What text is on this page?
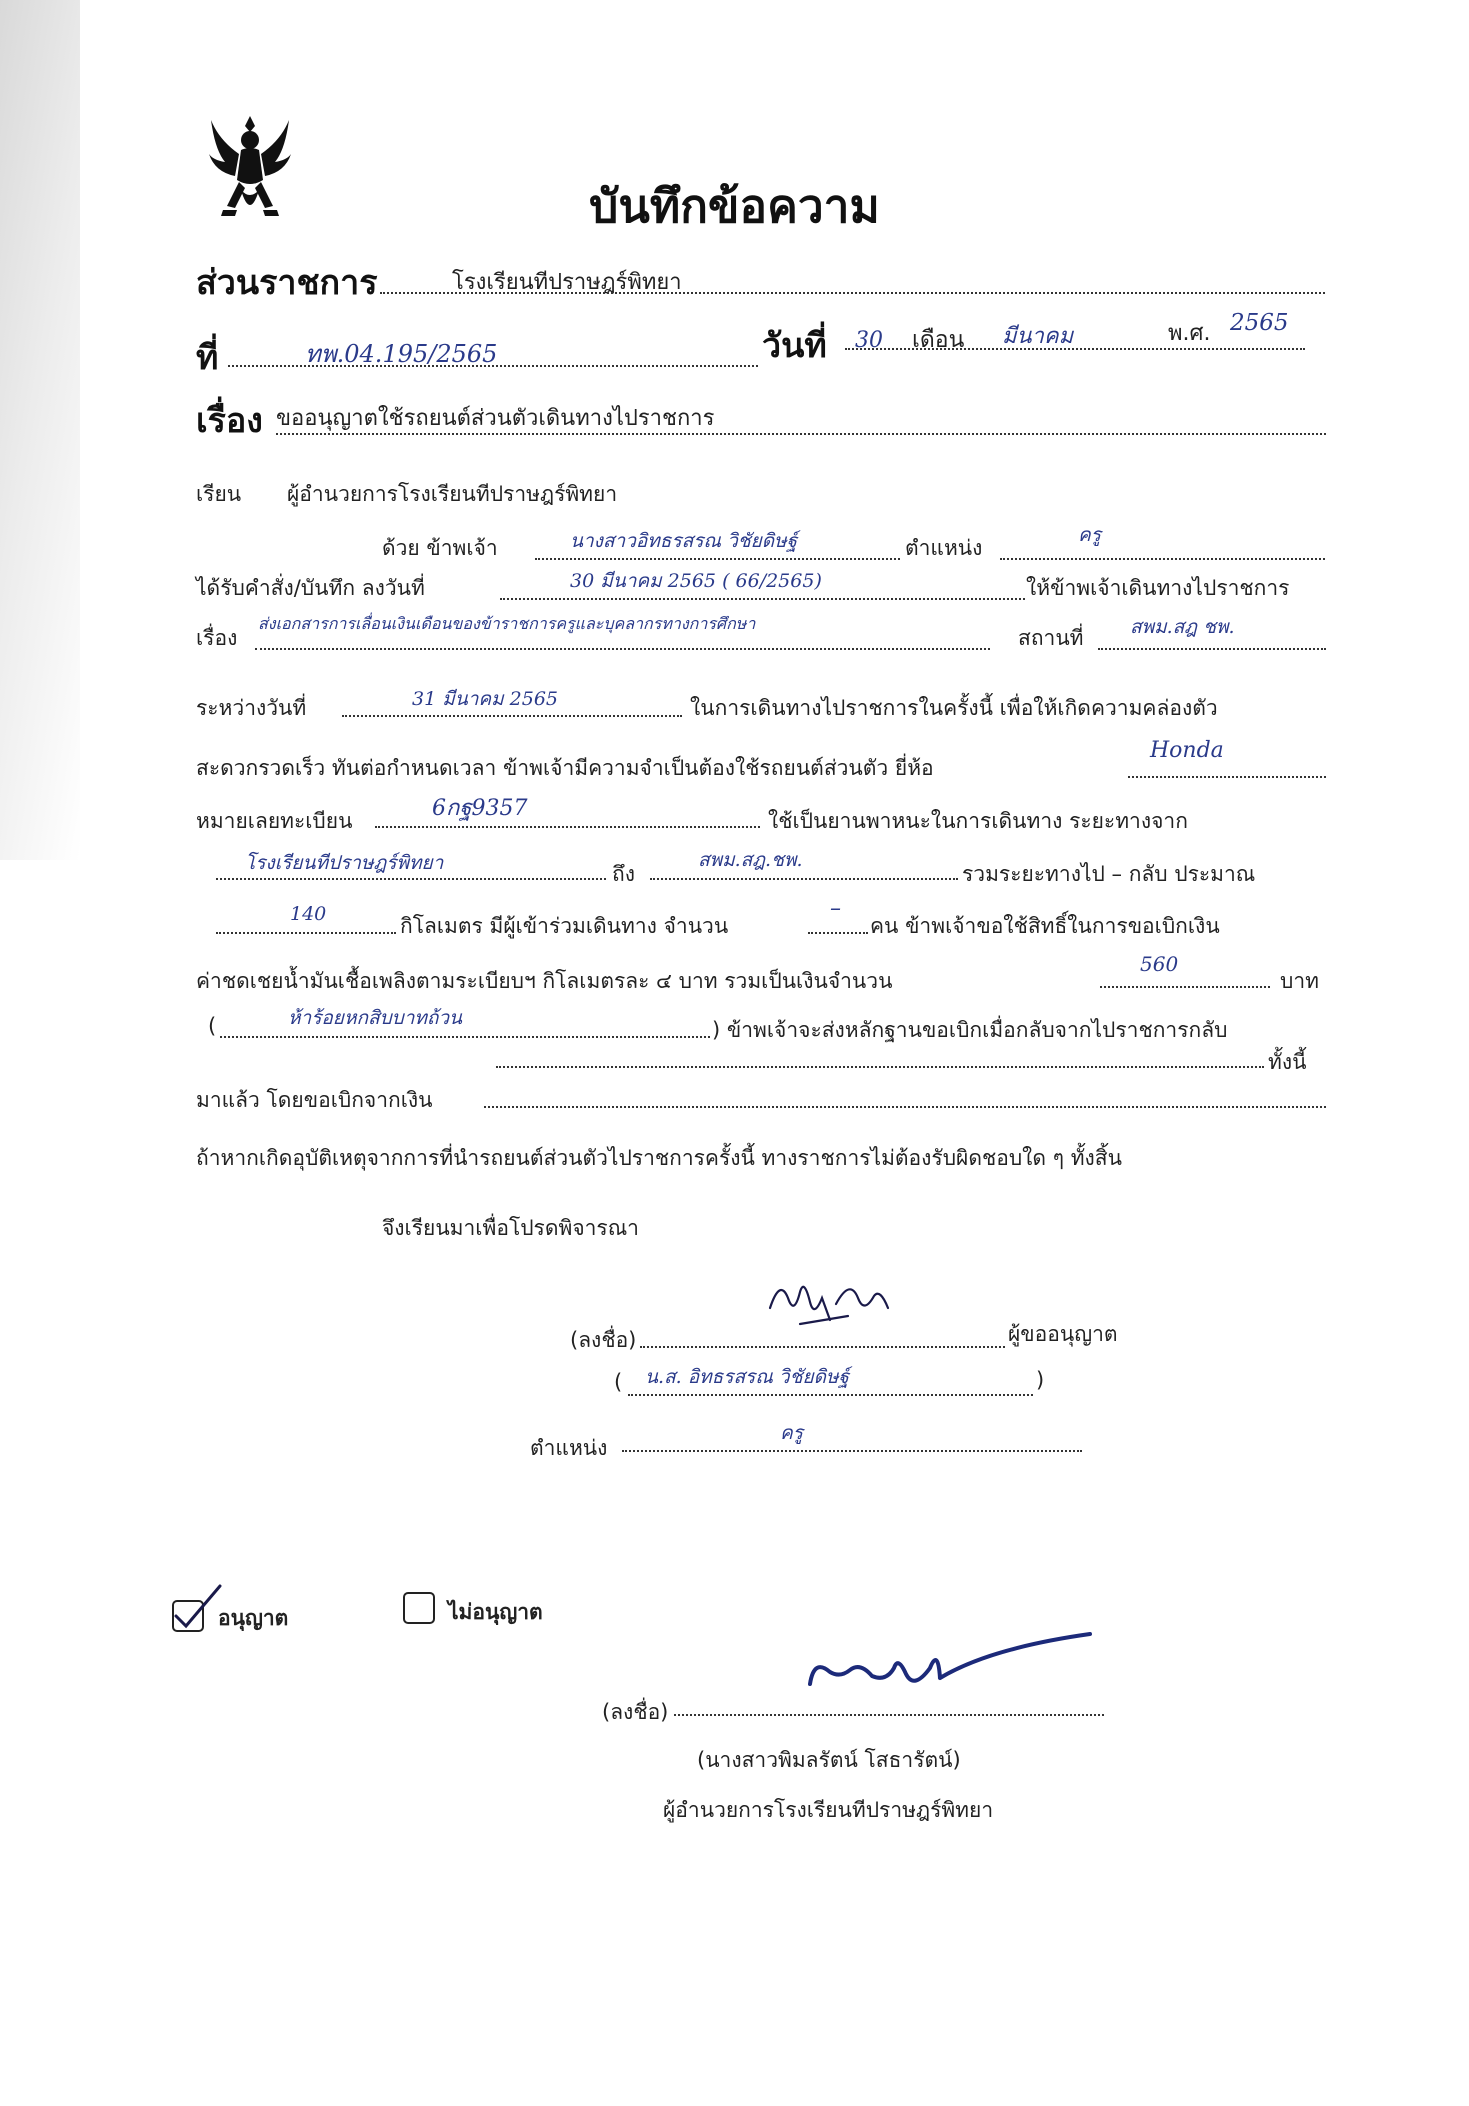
บันทึกข้อความ
ส่วนราชการ	โรงเรียนทีปราษฎร์พิทยา
ที่	ทพ.04.195/2565	วันที่ 30 เดือน มีนาคม	พ.ศ. 2565
เรื่อง ขออนุญาตใช้รถยนต์ส่วนตัวเดินทางไปราชการ
เรียน ผู้อำนวยการโรงเรียนทีปราษฎร์พิทยา
ด้วย ข้าพเจ้า	นางสาวอิทธรสรณ วิชัยดิษฐ์	ตำแหน่ง
ครู
ได้รับคำสั่ง/บันทึก ลงวันที่	30 มีนาคม 2565 ( 66/2565)	ให้ข้าพเจ้าเดินทางไปราชการ
เรื่อง
ส่งเอกสารการเลื่อนเงินเดือนของข้าราชการครูและบุคลากรทางการศึกษา
สถานที่ สพม.สฎ ชพ.
ระหว่างวันที่	31 มีนาคม 2565	ในการเดินทางไปราชการในครั้งนี้ เพื่อให้เกิดความคล่องตัว
สะดวกรวดเร็ว ทันต่อกำหนดเวลา ข้าพเจ้ามีความจำเป็นต้องใช้รถยนต์ส่วนตัว ยี่ห้อ
Honda
หมายเลยทะเบียน	6กฐ9357	ใช้เป็นยานพาหนะในการเดินทาง ระยะทางจาก
โรงเรียนทีปราษฎร์พิทยา	ถึง
สพม.สฎ.ชพ.
รวมระยะทางไป – กลับ ประมาณ
140	กิโลเมตร มีผู้เข้าร่วมเดินทาง จำนวน
–
คน ข้าพเจ้าขอใช้สิทธิ์ในการขอเบิกเงิน
ค่าชดเชยน้ำมันเชื้อเพลิงตามระเบียบฯ กิโลเมตรละ ๔ บาท รวมเป็นเงินจำนวน
560
บาท
(	ห้าร้อยหกสิบบาทถ้วน	) ข้าพเจ้าจะส่งหลักฐานขอเบิกเมื่อกลับจากไปราชการกลับ
ทั้งนี้
มาแล้ว โดยขอเบิกจากเงิน
ถ้าหากเกิดอุบัติเหตุจากการที่นำรถยนต์ส่วนตัวไปราชการครั้งนี้ ทางราชการไม่ต้องรับผิดชอบใด ๆ ทั้งสิ้น
จึงเรียนมาเพื่อโปรดพิจารณา
(ลงชื่อ)	ผู้ขออนุญาต
( น.ส. อิทธรสรณ วิชัยดิษฐ์	)
ตำแหน่ง
ครู
อนุญาต	ไม่อนุญาต
(ลงชื่อ)
(นางสาวพิมลรัตน์ โสธารัตน์)
ผู้อำนวยการโรงเรียนทีปราษฎร์พิทยา
